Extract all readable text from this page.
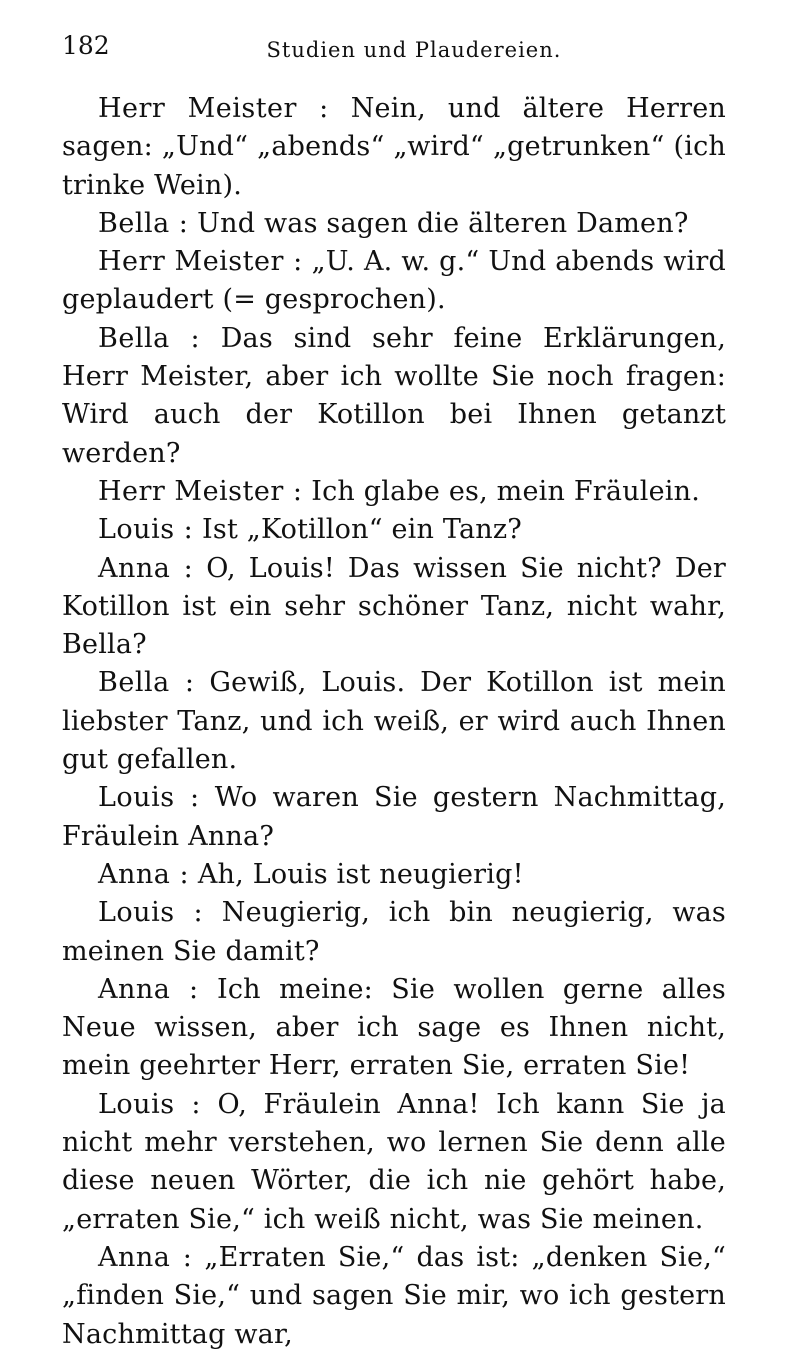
182	Studien und Plaudereien.

Herr Meister : Nein, und ältere Herren sagen: „Und“ „abends“ „wird“ „getrunken“ (ich trinke Wein).

Bella : Und was sagen die älteren Damen?

Herr Meister : „U. A. w. g.“ Und abends wird geplaudert (= gesprochen).

Bella : Das sind sehr feine Erklärungen, Herr Meister, aber ich wollte Sie noch fragen: Wird auch der Kotillon bei Ihnen getanzt werden?

Herr Meister : Ich glabe es, mein Fräulein.

Louis : Ist „Kotillon“ ein Tanz?

Anna : O, Louis! Das wissen Sie nicht? Der Kotillon ist ein sehr schöner Tanz, nicht wahr, Bella?

Bella : Gewiß, Louis. Der Kotillon ist mein liebster Tanz, und ich weiß, er wird auch Ihnen gut gefallen.

Louis : Wo waren Sie gestern Nachmittag, Fräulein Anna?

Anna : Ah, Louis ist neugierig!

Louis : Neugierig, ich bin neugierig, was meinen Sie damit?

Anna : Ich meine: Sie wollen gerne alles Neue wissen, aber ich sage es Ihnen nicht, mein geehrter Herr, erraten Sie, erraten Sie!

Louis : O, Fräulein Anna! Ich kann Sie ja nicht mehr verstehen, wo lernen Sie denn alle diese neuen Wörter, die ich nie gehört habe, „erraten Sie,“ ich weiß nicht, was Sie meinen.

Anna : „Erraten Sie,“ das ist: „denken Sie,“ „finden Sie,“ und sagen Sie mir, wo ich gestern Nachmittag war,
